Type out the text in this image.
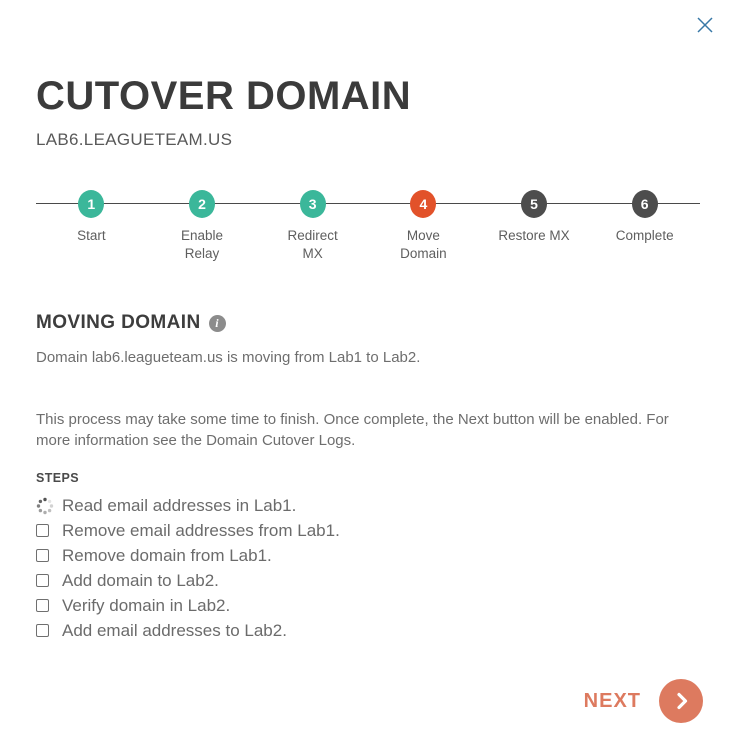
CUTOVER DOMAIN
LAB6.LEAGUETEAM.US
1
Start
2
Enable Relay
3
Redirect MX
4
Move Domain
5
Restore MX
6
Complete
MOVING DOMAIN	i

Domain lab6.leagueteam.us is moving from Lab1 to Lab2.

This process may take some time to finish. Once complete, the Next button will be enabled. For more information see the Domain Cutover Logs.

STEPS
Read email addresses in Lab1.
Remove email addresses from Lab1.
Remove domain from Lab1.
Add domain to Lab2.
Verify domain in Lab2.
Add email addresses to Lab2.
NEXT
